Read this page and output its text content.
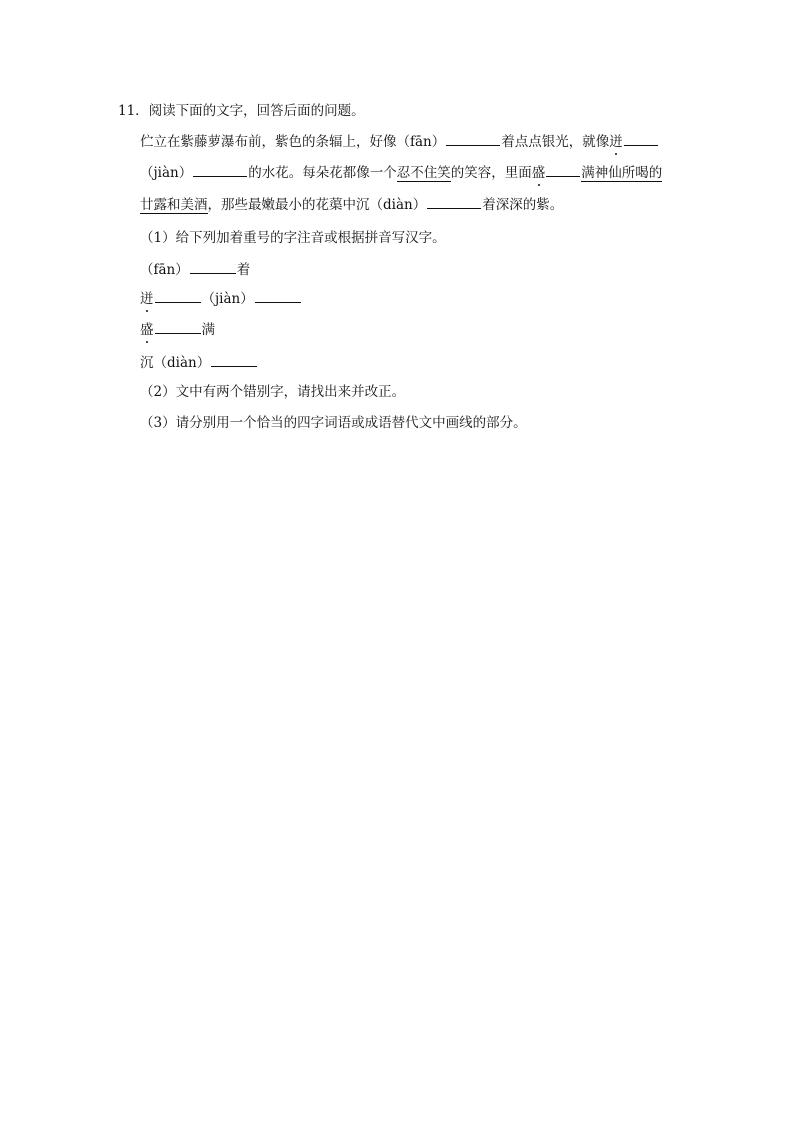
11．阅读下面的文字，回答后面的问题。
伫立在紫藤萝瀑布前，紫色的条辐上，好像（fān）	着点点银光，就像迸
（jiàn）	的水花。每朵花都像一个忍不住笑的笑容，里面盛	满神仙所喝的
廿露和美酒，那些最嫩最小的花蕖中沉（diàn）	着深深的紫。
（1）给下列加着重号的字注音或根据拼音写汉字。
（fān）	着
迸	（jiàn）
盛	满
沉（diàn）
（2）文中有两个错别字，请找出来并改正。
（3）请分别用一个恰当的四字词语或成语替代文中画线的部分。
